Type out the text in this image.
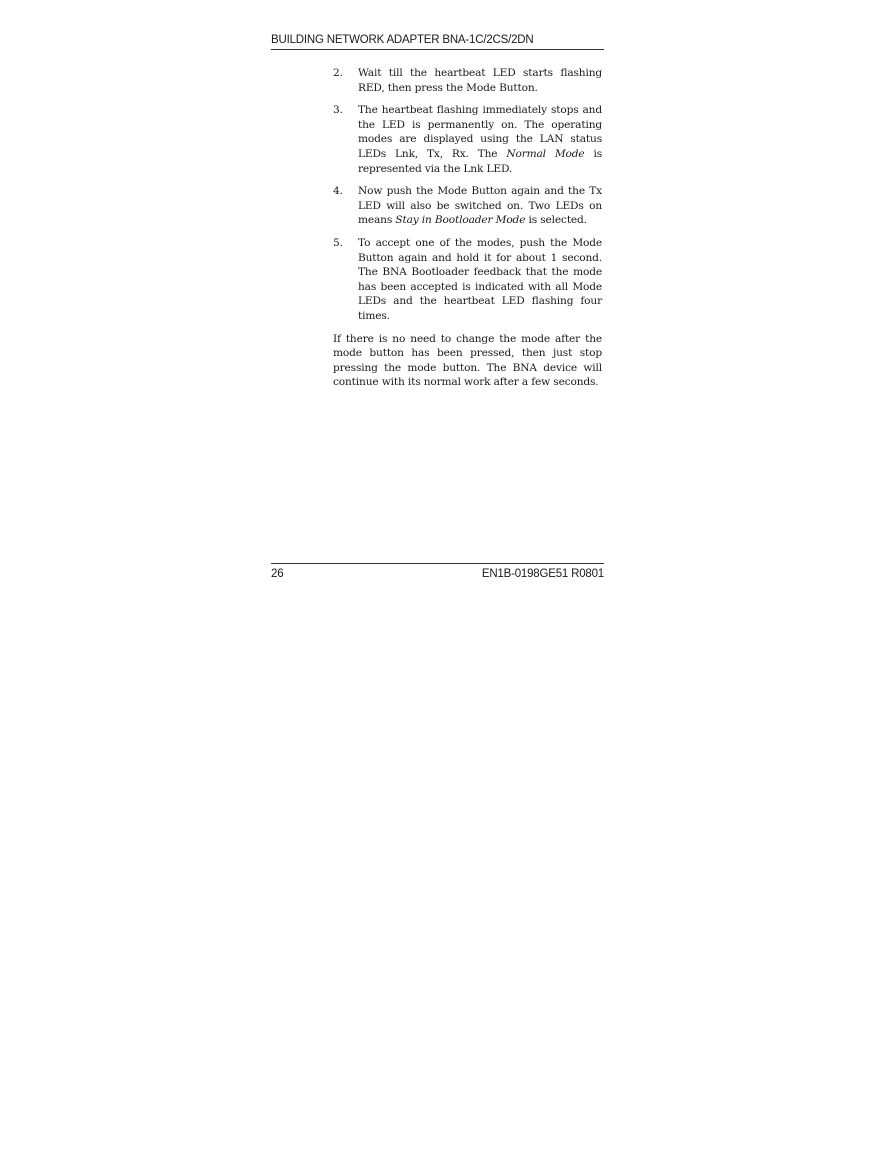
BUILDING NETWORK ADAPTER BNA-1C/2CS/2DN
2.	Wait till the heartbeat LED starts flashing RED, then press the Mode Button.
3.	The heartbeat flashing immediately stops and the LED is permanently on. The operating modes are displayed using the LAN status LEDs Lnk, Tx, Rx. The Normal Mode is represented via the Lnk LED.
4.	Now push the Mode Button again and the Tx LED will also be switched on. Two LEDs on means Stay in Bootloader Mode is selected.
5.	To accept one of the modes, push the Mode Button again and hold it for about 1 second. The BNA Bootloader feedback that the mode has been accepted is indicated with all Mode LEDs and the heartbeat LED flashing four times.

If there is no need to change the mode after the mode button has been pressed, then just stop pressing the mode button. The BNA device will continue with its normal work after a few seconds.

26	EN1B-0198GE51 R0801
